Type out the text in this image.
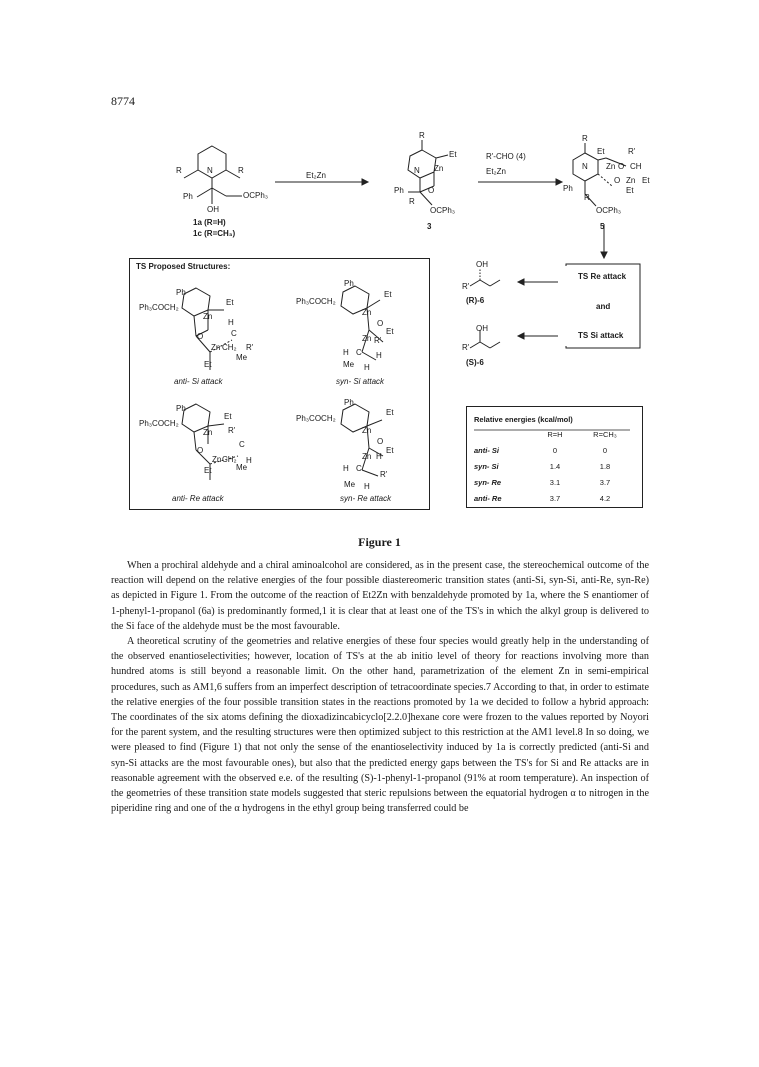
8774
R	N	R
Ph	OCPh₃
OH
1a (R=H)
1c (R=CH₃)
Et₂Zn
R
Et
N Zn
O
Ph
R
OCPh₃
3
R'-CHO (4)
Et₂Zn
R
Et	R'
N Zn O CH
O Zn Et
Et
Ph
R
OCPh₃
5
TS Re attack
and
TS Si attack
OH
R'
(R)-6
OH
R'
(S)-6
TS Proposed Structures:
Ph
Ph₃COCH₂
Et
Zn
H
O	C
Zn CH₂ R'
Et
Me
anti- Si attack
Ph
Ph₃COCH₂
Et
Zn
O
Et
Zn R'
H C H
Me H
syn- Si attack
Ph
Ph₃COCH₂
Et
Zn R'
O
C
Zn CH₂ H
Et	Me
anti- Re attack
Ph
Ph₃COCH₂
Et
Zn
O
Et
Zn H
H C
R'
Me H
syn- Re attack
Relative energies (kcal/mol)		
	R=H	R=CH₃
anti- Si	0	0
syn- Si	1.4	1.8
syn- Re	3.1	3.7
anti- Re	3.7	4.2
Figure 1

When a prochiral aldehyde and a chiral aminoalcohol are considered, as in the present case, the stereochemical outcome of the reaction will depend on the relative energies of the four possible diastereomeric transition states (anti-Si, syn-Si, anti-Re, syn-Re) as depicted in Figure 1. From the outcome of the reaction of Et2Zn with benzaldehyde promoted by 1a, where the S enantiomer of 1-phenyl-1-propanol (6a) is predominantly formed,1 it is clear that at least one of the TS's in which the alkyl group is delivered to the Si face of the aldehyde must be the most favourable.

A theoretical scrutiny of the geometries and relative energies of these four species would greatly help in the understanding of the observed enantioselectivities; however, location of TS's at the ab initio level of theory for reactions involving more than hundred atoms is still beyond a reasonable limit. On the other hand, parametrization of the element Zn in semi-empirical procedures, such as AM1,6 suffers from an imperfect description of tetracoordinate species.7 According to that, in order to estimate the relative energies of the four possible transition states in the reactions promoted by 1a we decided to follow a hybrid approach: The coordinates of the six atoms defining the dioxadizincabicyclo[2.2.0]hexane core were frozen to the values reported by Noyori for the parent system, and the resulting structures were then optimized subject to this restriction at the AM1 level.8 In so doing, we were pleased to find (Figure 1) that not only the sense of the enantioselectivity induced by 1a is correctly predicted (anti-Si and syn-Si attacks are the most favourable ones), but also that the predicted energy gaps between the TS's for Si and Re attacks are in reasonable agreement with the observed e.e. of the resulting (S)-1-phenyl-1-propanol (91% at room temperature). An inspection of the geometries of these transition state models suggested that steric repulsions between the equatorial hydrogen α to nitrogen in the piperidine ring and one of the α hydrogens in the ethyl group being transferred could be
